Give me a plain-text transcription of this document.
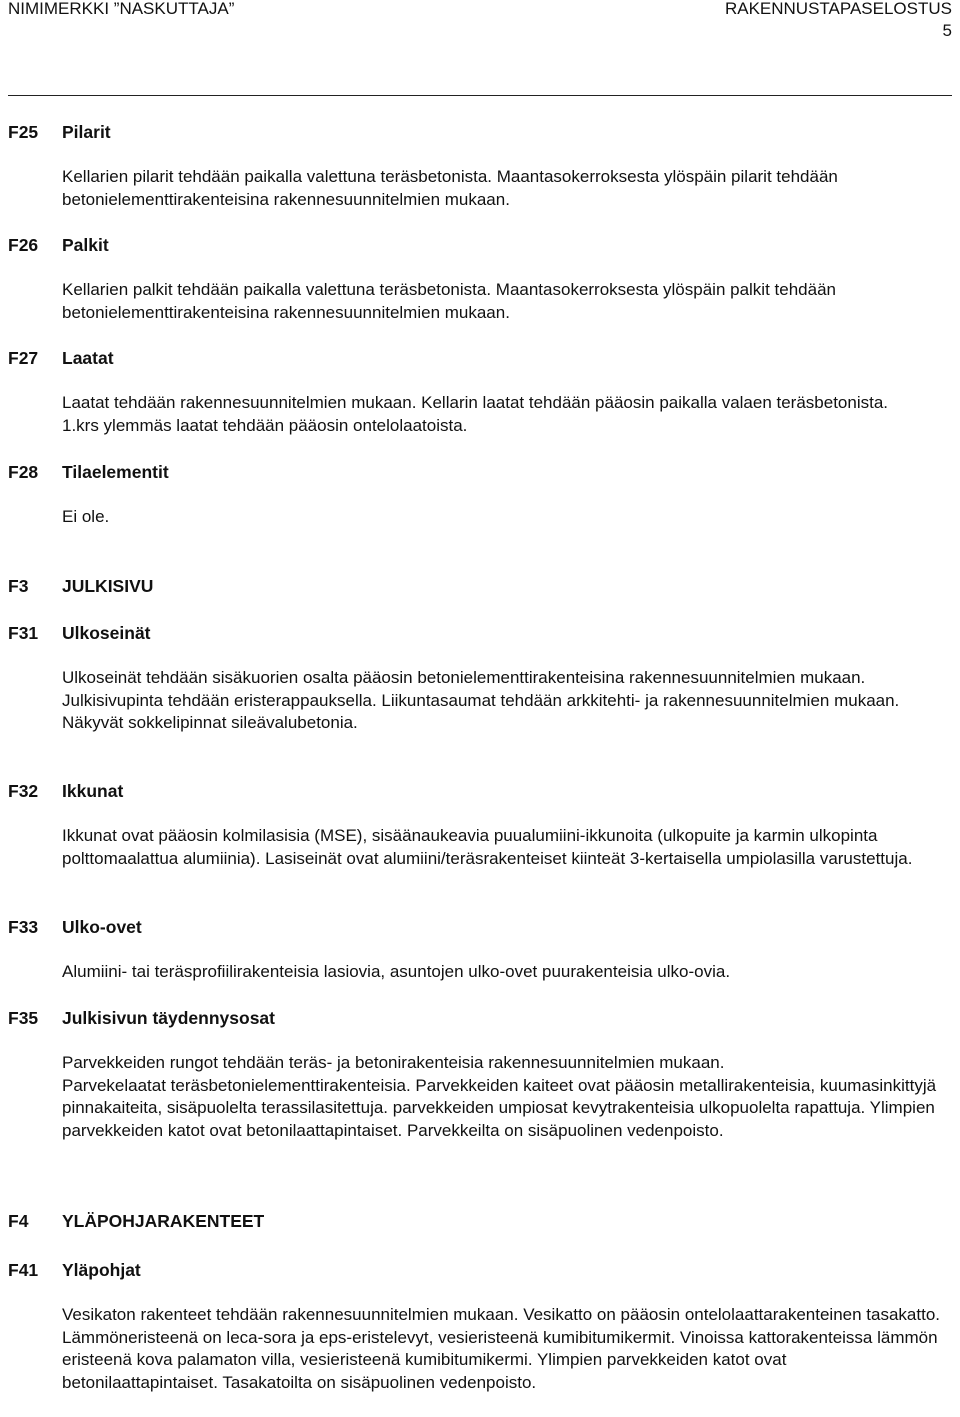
NIMIMERKKI ”NASKUTTAJA”	RAKENNUSTAPASELOSTUS
5
F25 Pilarit

Kellarien pilarit tehdään paikalla valettuna teräsbetonista. Maantasokerroksesta ylöspäin pilarit tehdään betonielementtirakenteisina rakennesuunnitelmien mukaan.

F26 Palkit

Kellarien palkit tehdään paikalla valettuna teräsbetonista. Maantasokerroksesta ylöspäin palkit tehdään betonielementtirakenteisina rakennesuunnitelmien mukaan.

F27 Laatat

Laatat tehdään rakennesuunnitelmien mukaan. Kellarin laatat tehdään pääosin paikalla valaen teräsbetonista. 1.krs ylemmäs laatat tehdään pääosin ontelolaatoista.

F28 Tilaelementit

Ei ole.

F3 JULKISIVU
F31 Ulkoseinät

Ulkoseinät tehdään sisäkuorien osalta pääosin betonielementtirakenteisina rakennesuunnitelmien mukaan. Julkisivupinta tehdään eristerappauksella. Liikuntasaumat tehdään arkkitehti- ja rakennesuunnitelmien mukaan.

Näkyvät sokkelipinnat sileävalubetonia.

F32 Ikkunat

Ikkunat ovat pääosin kolmilasisia (MSE), sisäänaukeavia puualumiini-ikkunoita (ulkopuite ja karmin ulkopinta polttomaalattua alumiinia). Lasiseinät ovat alumiini/teräsrakenteiset kiinteät 3-kertaisella umpiolasilla varustettuja.

F33 Ulko-ovet

Alumiini- tai teräsprofiilirakenteisia lasiovia, asuntojen ulko-ovet puurakenteisia ulko-ovia.

F35 Julkisivun täydennysosat

Parvekkeiden rungot tehdään teräs- ja betonirakenteisia rakennesuunnitelmien mukaan.

Parvekelaatat teräsbetonielementtirakenteisia. Parvekkeiden kaiteet ovat pääosin metallirakenteisia, kuumasinkittyjä pinnakaiteita, sisäpuolelta terassilasitettuja. parvekkeiden umpiosat kevytrakenteisia ulkopuolelta rapattuja. Ylimpien parvekkeiden katot ovat betonilaattapintaiset. Parvekkeilta on sisäpuolinen vedenpoisto.

F4 YLÄPOHJARAKENTEET
F41 Yläpohjat

Vesikaton rakenteet tehdään rakennesuunnitelmien mukaan. Vesikatto on pääosin ontelolaattarakenteinen tasakatto. Lämmöneristeenä on leca-sora ja eps-eristelevyt, vesieristeenä kumibitumikermit. Vinoissa kattorakenteissa lämmön eristeenä kova palamaton villa, vesieristeenä kumibitumikermi. Ylimpien parvekkeiden katot ovat betonilaattapintaiset. Tasakatoilta on sisäpuolinen vedenpoisto.
